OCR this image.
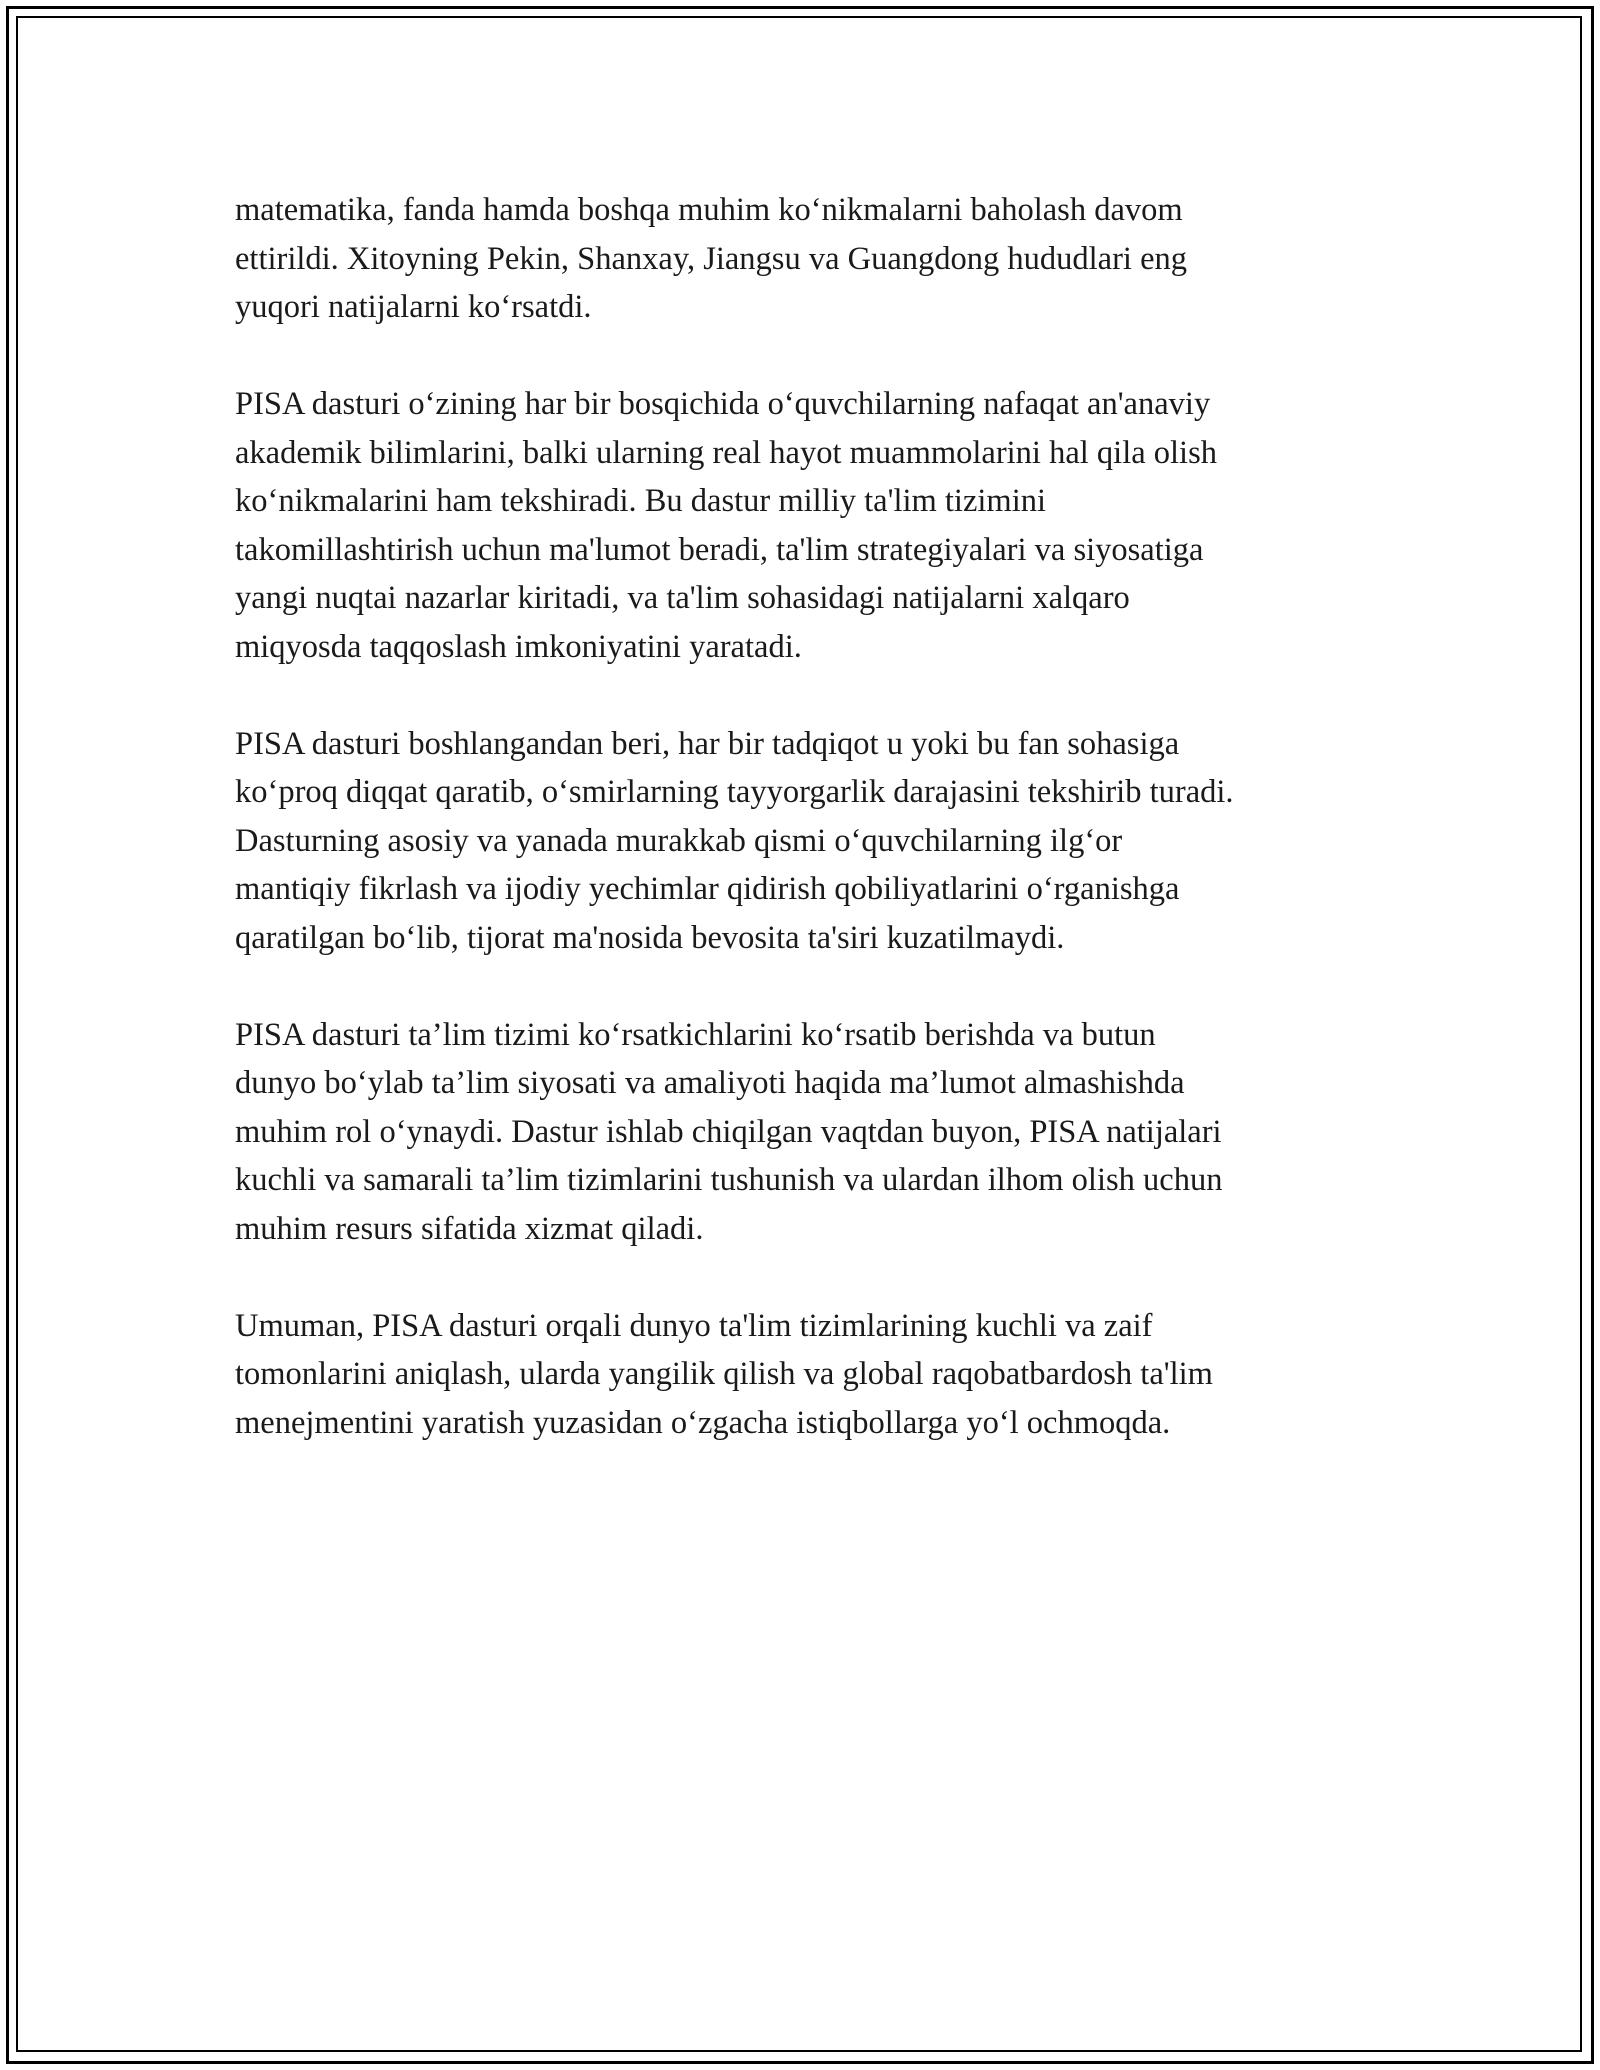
matematika, fanda hamda boshqa muhim ko‘nikmalarni baholash davom
ettirildi. Xitoyning Pekin, Shanxay, Jiangsu va Guangdong hududlari eng
yuqori natijalarni ko‘rsatdi.

PISA dasturi o‘zining har bir bosqichida o‘quvchilarning nafaqat an'anaviy
akademik bilimlarini, balki ularning real hayot muammolarini hal qila olish
ko‘nikmalarini ham tekshiradi. Bu dastur milliy ta'lim tizimini
takomillashtirish uchun ma'lumot beradi, ta'lim strategiyalari va siyosatiga
yangi nuqtai nazarlar kiritadi, va ta'lim sohasidagi natijalarni xalqaro
miqyosda taqqoslash imkoniyatini yaratadi.

PISA dasturi boshlangandan beri, har bir tadqiqot u yoki bu fan sohasiga
ko‘proq diqqat qaratib, o‘smirlarning tayyorgarlik darajasini tekshirib turadi.
Dasturning asosiy va yanada murakkab qismi o‘quvchilarning ilg‘or
mantiqiy fikrlash va ijodiy yechimlar qidirish qobiliyatlarini o‘rganishga
qaratilgan bo‘lib, tijorat ma'nosida bevosita ta'siri kuzatilmaydi.

PISA dasturi ta’lim tizimi ko‘rsatkichlarini ko‘rsatib berishda va butun
dunyo bo‘ylab ta’lim siyosati va amaliyoti haqida ma’lumot almashishda
muhim rol o‘ynaydi. Dastur ishlab chiqilgan vaqtdan buyon, PISA natijalari
kuchli va samarali ta’lim tizimlarini tushunish va ulardan ilhom olish uchun
muhim resurs sifatida xizmat qiladi.

Umuman, PISA dasturi orqali dunyo ta'lim tizimlarining kuchli va zaif
tomonlarini aniqlash, ularda yangilik qilish va global raqobatbardosh ta'lim
menejmentini yaratish yuzasidan o‘zgacha istiqbollarga yo‘l ochmoqda.
